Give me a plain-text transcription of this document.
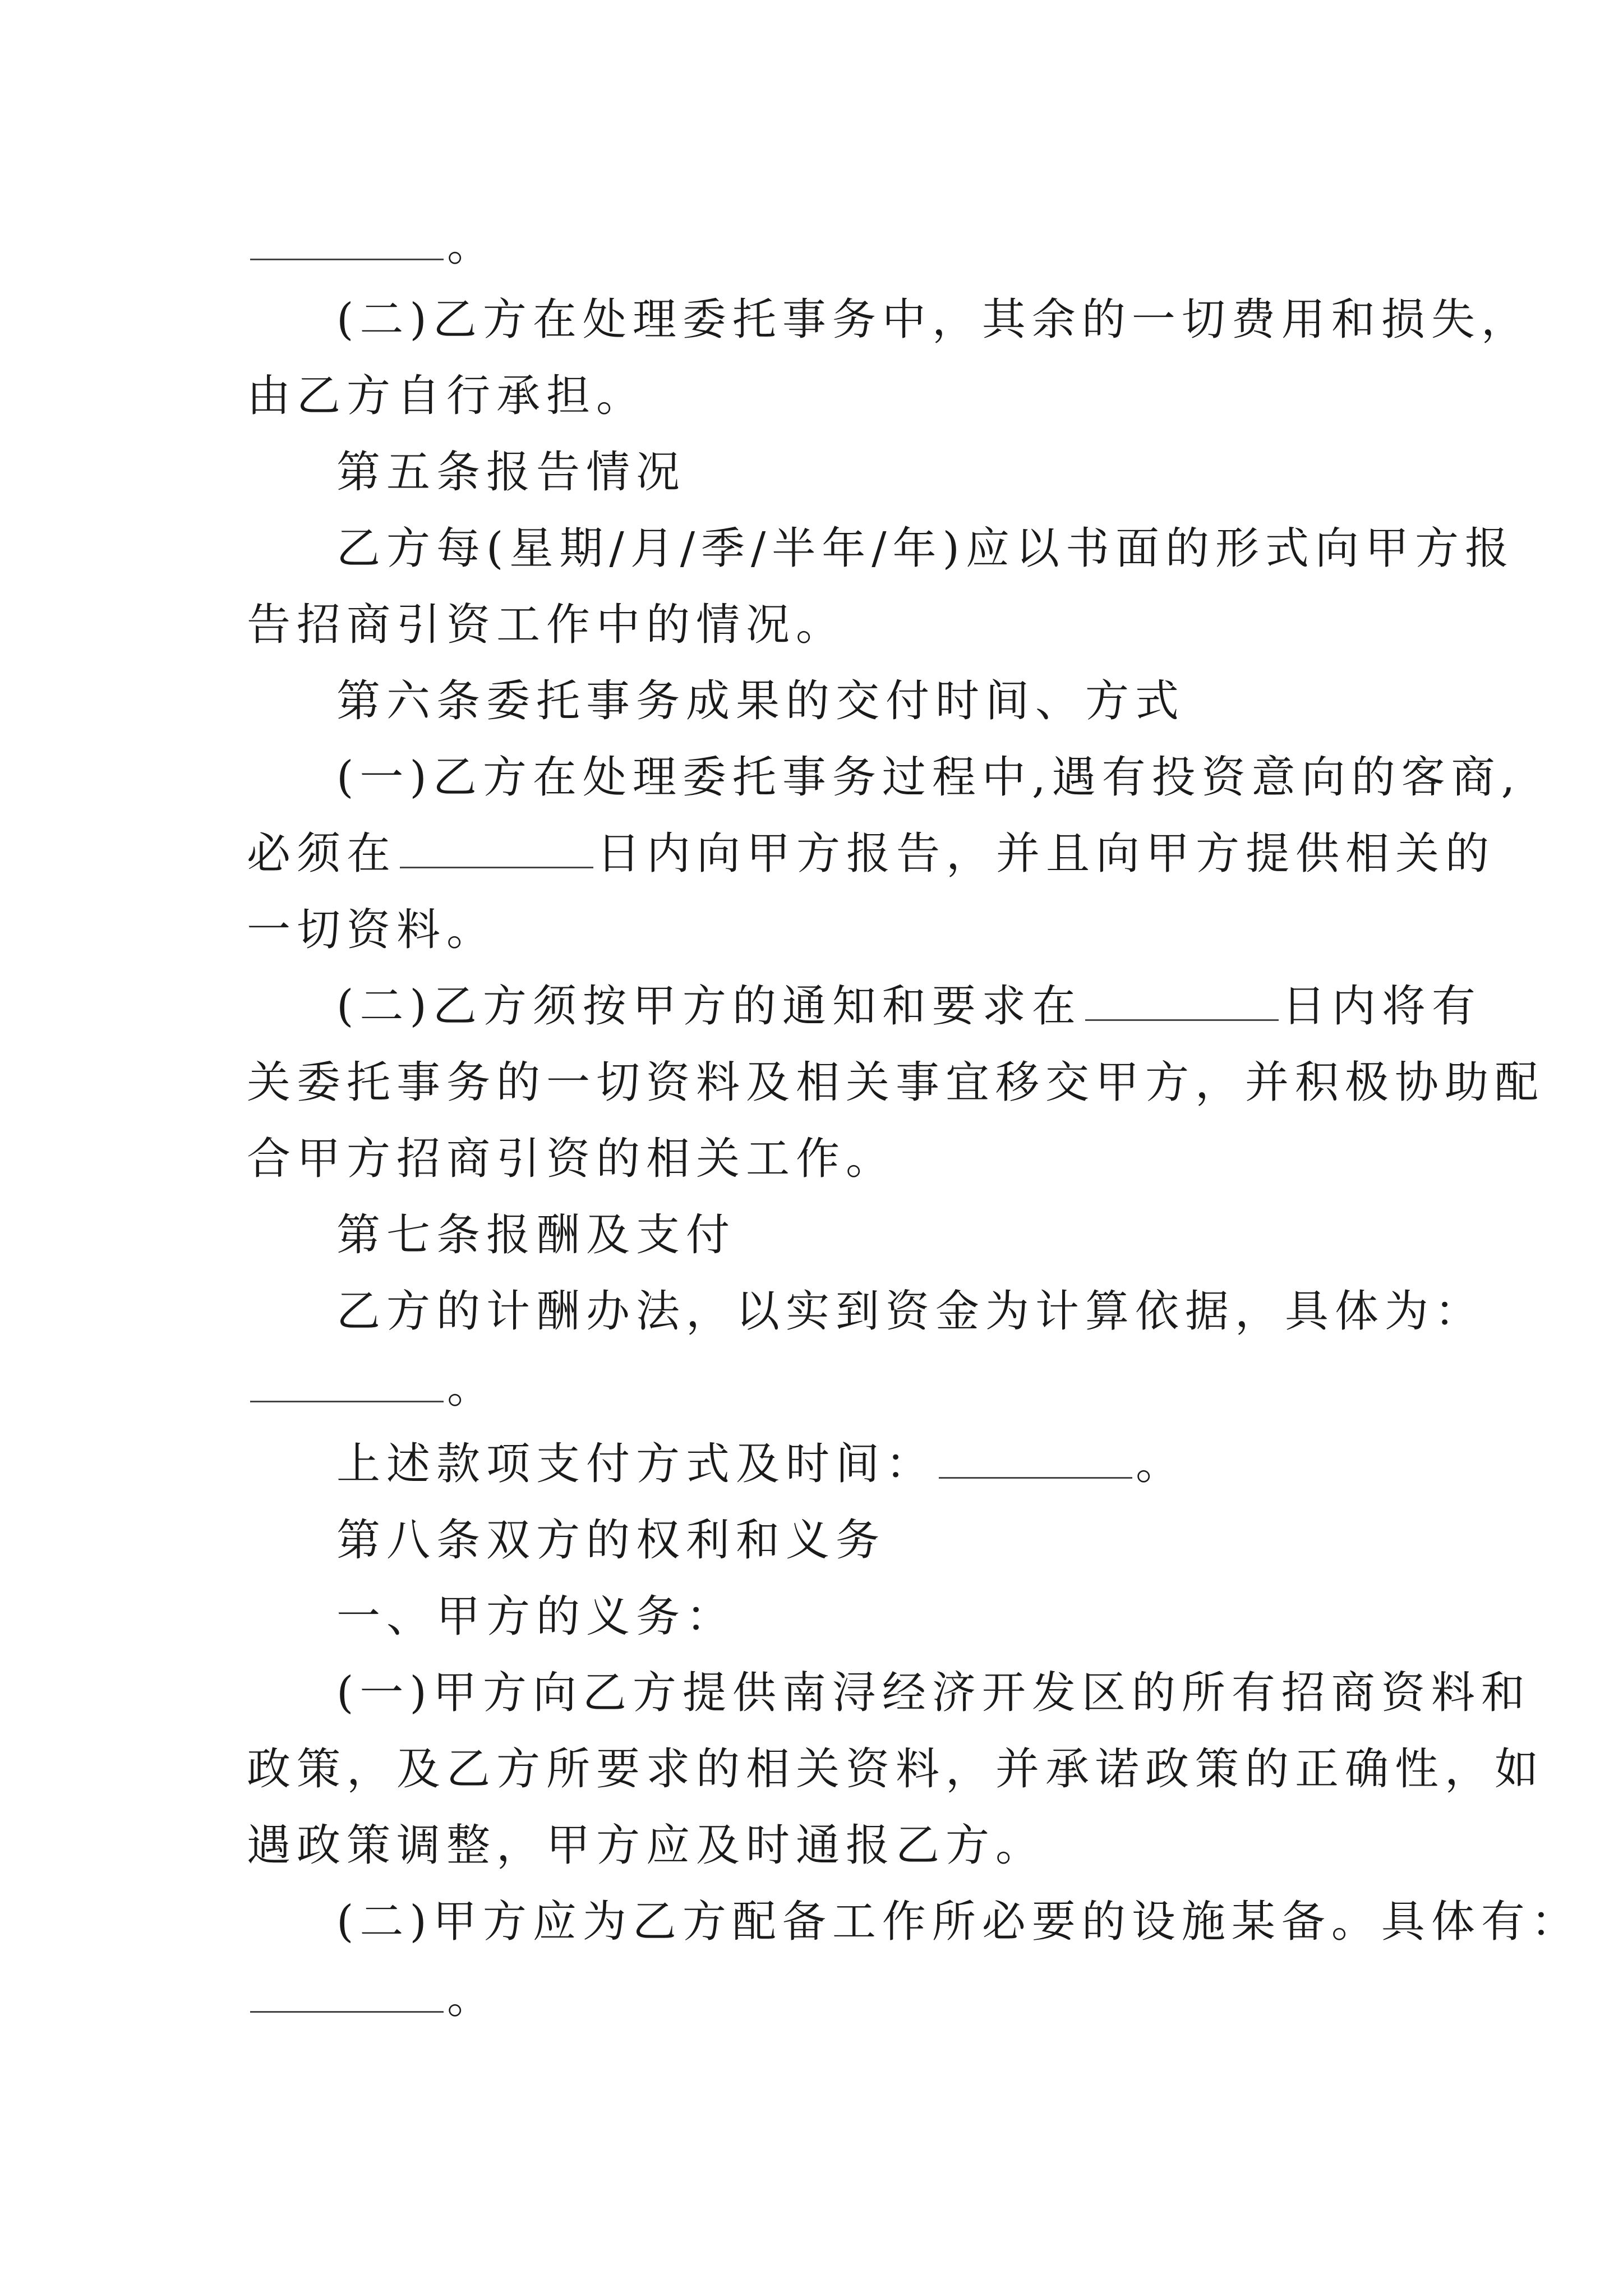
。
(二)乙方在处理委托事务中，其余的一切费用和损失，
由乙方自行承担。
第五条报告情况
乙方每(星期/月/季/半年/年)应以书面的形式向甲方报
告招商引资工作中的情况。
第六条委托事务成果的交付时间、方式
(一)乙方在处理委托事务过程中,遇有投资意向的客商,
必须在	日内向甲方报告，并且向甲方提供相关的
一切资料。
(二)乙方须按甲方的通知和要求在	日内将有
关委托事务的一切资料及相关事宜移交甲方，并积极协助配
合甲方招商引资的相关工作。
第七条报酬及支付
乙方的计酬办法，以实到资金为计算依据，具体为：
。
上述款项支付方式及时间：	。
第八条双方的权利和义务
一、甲方的义务：
(一)甲方向乙方提供南浔经济开发区的所有招商资料和
政策，及乙方所要求的相关资料，并承诺政策的正确性，如
遇政策调整，甲方应及时通报乙方。
(二)甲方应为乙方配备工作所必要的设施某备。具体有：
。
